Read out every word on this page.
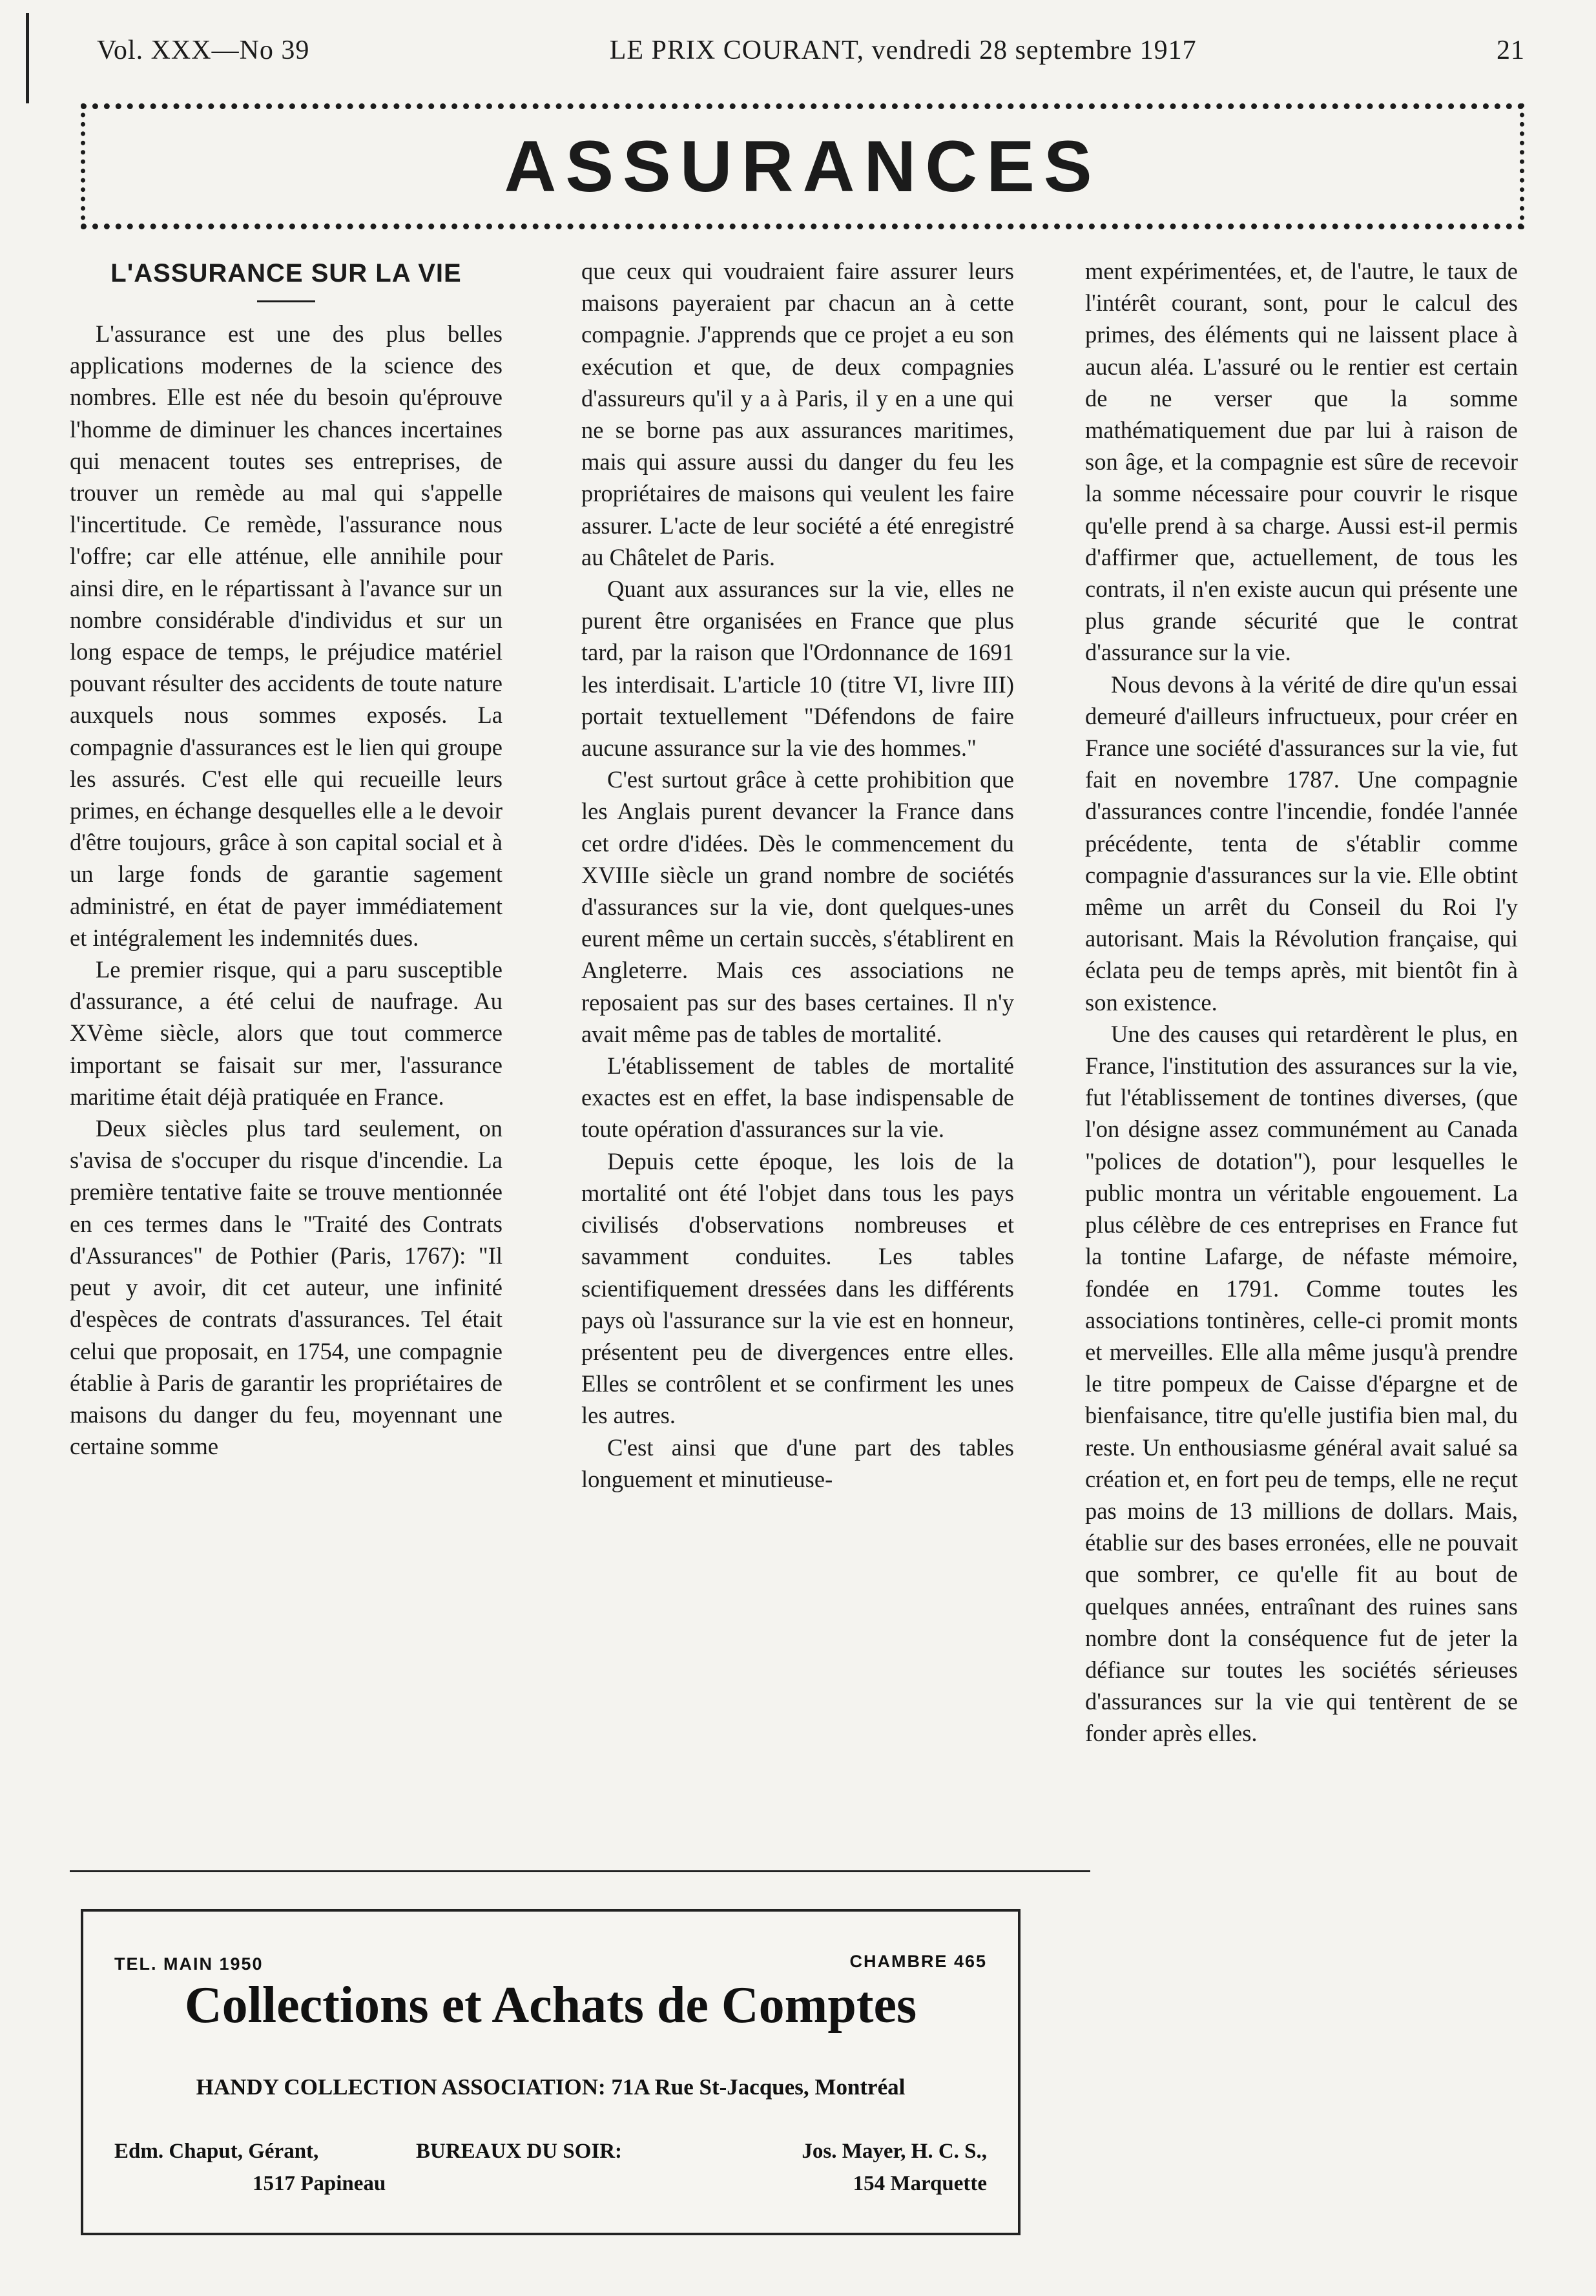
Vol. XXX—No 39	LE PRIX COURANT, vendredi 28 septembre 1917	21
ASSURANCES
L'ASSURANCE SUR LA VIE

L'assurance est une des plus belles applications modernes de la science des nombres. Elle est née du besoin qu'éprouve l'homme de diminuer les chances incertaines qui menacent toutes ses entreprises, de trouver un remède au mal qui s'appelle l'incertitude. Ce remède, l'assurance nous l'offre; car elle atténue, elle annihile pour ainsi dire, en le répartissant à l'avance sur un nombre considérable d'individus et sur un long espace de temps, le préjudice matériel pouvant résulter des accidents de toute nature auxquels nous sommes exposés. La compagnie d'assurances est le lien qui groupe les assurés. C'est elle qui recueille leurs primes, en échange desquelles elle a le devoir d'être toujours, grâce à son capital social et à un large fonds de garantie sagement administré, en état de payer immédiatement et intégralement les indemnités dues.

Le premier risque, qui a paru susceptible d'assurance, a été celui de naufrage. Au XVème siècle, alors que tout commerce important se faisait sur mer, l'assurance maritime était déjà pratiquée en France.

Deux siècles plus tard seulement, on s'avisa de s'occuper du risque d'incendie. La première tentative faite se trouve mentionnée en ces termes dans le "Traité des Contrats d'Assurances" de Pothier (Paris, 1767): "Il peut y avoir, dit cet auteur, une infinité d'espèces de contrats d'assurances. Tel était celui que proposait, en 1754, une compagnie établie à Paris de garantir les propriétaires de maisons du danger du feu, moyennant une certaine somme

que ceux qui voudraient faire assurer leurs maisons payeraient par chacun an à cette compagnie. J'apprends que ce projet a eu son exécution et que, de deux compagnies d'assureurs qu'il y a à Paris, il y en a une qui ne se borne pas aux assurances maritimes, mais qui assure aussi du danger du feu les propriétaires de maisons qui veulent les faire assurer. L'acte de leur société a été enregistré au Châtelet de Paris.

Quant aux assurances sur la vie, elles ne purent être organisées en France que plus tard, par la raison que l'Ordonnance de 1691 les interdisait. L'article 10 (titre VI, livre III) portait textuellement "Défendons de faire aucune assurance sur la vie des hommes."

C'est surtout grâce à cette prohibition que les Anglais purent devancer la France dans cet ordre d'idées. Dès le commencement du XVIIIe siècle un grand nombre de sociétés d'assurances sur la vie, dont quelques-unes eurent même un certain succès, s'établirent en Angleterre. Mais ces associations ne reposaient pas sur des bases certaines. Il n'y avait même pas de tables de mortalité.

L'établissement de tables de mortalité exactes est en effet, la base indispensable de toute opération d'assurances sur la vie.

Depuis cette époque, les lois de la mortalité ont été l'objet dans tous les pays civilisés d'observations nombreuses et savamment conduites. Les tables scientifiquement dressées dans les différents pays où l'assurance sur la vie est en honneur, présentent peu de divergences entre elles. Elles se contrôlent et se confirment les unes les autres.

C'est ainsi que d'une part des tables longuement et minutieuse-

ment expérimentées, et, de l'autre, le taux de l'intérêt courant, sont, pour le calcul des primes, des éléments qui ne laissent place à aucun aléa. L'assuré ou le rentier est certain de ne verser que la somme mathématiquement due par lui à raison de son âge, et la compagnie est sûre de recevoir la somme nécessaire pour couvrir le risque qu'elle prend à sa charge. Aussi est-il permis d'affirmer que, actuellement, de tous les contrats, il n'en existe aucun qui présente une plus grande sécurité que le contrat d'assurance sur la vie.

Nous devons à la vérité de dire qu'un essai demeuré d'ailleurs infructueux, pour créer en France une société d'assurances sur la vie, fut fait en novembre 1787. Une compagnie d'assurances contre l'incendie, fondée l'année précédente, tenta de s'établir comme compagnie d'assurances sur la vie. Elle obtint même un arrêt du Conseil du Roi l'y autorisant. Mais la Révolution française, qui éclata peu de temps après, mit bientôt fin à son existence.

Une des causes qui retardèrent le plus, en France, l'institution des assurances sur la vie, fut l'établissement de tontines diverses, (que l'on désigne assez communément au Canada "polices de dotation"), pour lesquelles le public montra un véritable engouement. La plus célèbre de ces entreprises en France fut la tontine Lafarge, de néfaste mémoire, fondée en 1791. Comme toutes les associations tontinères, celle-ci promit monts et merveilles. Elle alla même jusqu'à prendre le titre pompeux de Caisse d'épargne et de bienfaisance, titre qu'elle justifia bien mal, du reste. Un enthousiasme général avait salué sa création et, en fort peu de temps, elle ne reçut pas moins de 13 millions de dollars. Mais, établie sur des bases erronées, elle ne pouvait que sombrer, ce qu'elle fit au bout de quelques années, entraînant des ruines sans nombre dont la conséquence fut de jeter la défiance sur toutes les sociétés sérieuses d'assurances sur la vie qui tentèrent de se fonder après elles.

TEL. MAIN 1950	CHAMBRE 465
Collections et Achats de Comptes
HANDY COLLECTION ASSOCIATION: 71A Rue St-Jacques, Montréal
Edm. Chaput, Gérant,
1517 Papineau
BUREAUX DU SOIR:	Jos. Mayer, H. C. S.,
154 Marquette
